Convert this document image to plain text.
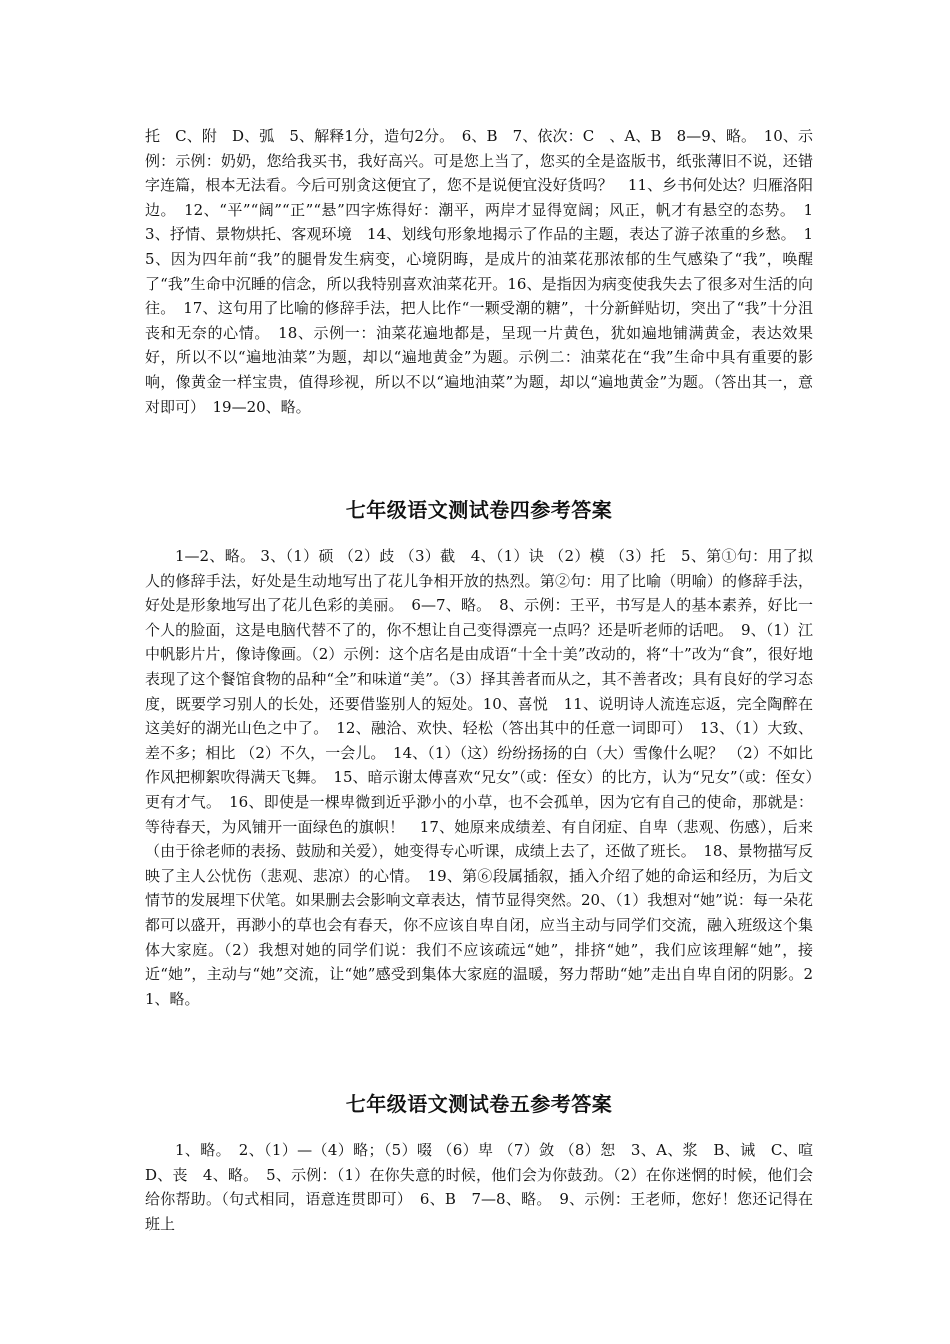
托　C、附　D、弧　5、解释1分，造句2分。　6、B　7、依次：C　、A、B　8—9、略。　10、示例：示例：奶奶，您给我买书，我好高兴。可是您上当了，您买的全是盗版书，纸张薄旧不说，还错字连篇，根本无法看。今后可别贪这便宜了，您不是说便宜没好货吗？　11、乡书何处达？归雁洛阳边。　12、“平”“阔”“正”“悬”四字炼得好：潮平，两岸才显得宽阔；风正，帆才有悬空的态势。　13、抒情、景物烘托、客观环境　14、划线句形象地揭示了作品的主题，表达了游子浓重的乡愁。　15、因为四年前“我”的腿骨发生病变，心境阴晦，是成片的油菜花那浓郁的生气感染了“我”，唤醒了“我”生命中沉睡的信念，所以我特别喜欢油菜花开。16、是指因为病变使我失去了很多对生活的向往。　17、这句用了比喻的修辞手法，把人比作“一颗受潮的糖”，十分新鲜贴切，突出了“我”十分沮丧和无奈的心情。　18、示例一：油菜花遍地都是，呈现一片黄色，犹如遍地铺满黄金，表达效果好，所以不以“遍地油菜”为题，却以“遍地黄金”为题。示例二：油菜花在“我”生命中具有重要的影响，像黄金一样宝贵，值得珍视，所以不以“遍地油菜”为题，却以“遍地黄金”为题。（答出其一，意对即可）　19—20、略。

七年级语文测试卷四参考答案

1—2、略。 3、（1）硕 （2）歧 （3）截　4、（1）诀 （2）模 （3）托　5、第①句：用了拟人的修辞手法，好处是生动地写出了花儿争相开放的热烈。第②句：用了比喻（明喻）的修辞手法，好处是形象地写出了花儿色彩的美丽。　6—7、略。　8、示例：王平，书写是人的基本素养，好比一个人的脸面，这是电脑代替不了的，你不想让自己变得漂亮一点吗？还是听老师的话吧。　9、（1）江中帆影片片，像诗像画。（2）示例：这个店名是由成语“十全十美”改动的，将“十”改为“食”，很好地表现了这个餐馆食物的品种“全”和味道“美”。（3）择其善者而从之，其不善者改；具有良好的学习态度，既要学习别人的长处，还要借鉴别人的短处。10、喜悦　11、说明诗人流连忘返，完全陶醉在这美好的湖光山色之中了。　12、融洽、欢快、轻松（答出其中的任意一词即可）　13、（1）大致、差不多；相比 （2）不久，一会儿。　14、（1）（这）纷纷扬扬的白（大）雪像什么呢？ （2）不如比作风把柳絮吹得满天飞舞。　15、暗示谢太傅喜欢“兄女”（或：侄女）的比方，认为“兄女”（或：侄女）更有才气。　16、即使是一棵卑微到近乎渺小的小草，也不会孤单，因为它有自己的使命，那就是：等待春天，为风铺开一面绿色的旗帜！　17、她原来成绩差、有自闭症、自卑（悲观、伤感），后来（由于徐老师的表扬、鼓励和关爱），她变得专心听课，成绩上去了，还做了班长。　18、景物描写反映了主人公忧伤（悲观、悲凉）的心情。　19、第⑥段属插叙，插入介绍了她的命运和经历，为后文情节的发展埋下伏笔。如果删去会影响文章表达，情节显得突然。20、（1）我想对“她”说：每一朵花都可以盛开，再渺小的草也会有春天，你不应该自卑自闭，应当主动与同学们交流，融入班级这个集体大家庭。（2）我想对她的同学们说：我们不应该疏远“她”，排挤“她”，我们应该理解“她”，接近“她”，主动与“她”交流，让“她”感受到集体大家庭的温暖，努力帮助“她”走出自卑自闭的阴影。21、略。

七年级语文测试卷五参考答案

1、略。　2、（1）—（4）略；（5）啜 （6）卑 （7）敛 （8）恕　3、A、浆　B、诫　C、喧　D、丧　4、略。　5、示例：（1）在你失意的时候，他们会为你鼓劲。（2）在你迷惘的时候，他们会给你帮助。（句式相同，语意连贯即可）　6、B　7—8、略。　9、示例：王老师，您好！您还记得在班上
